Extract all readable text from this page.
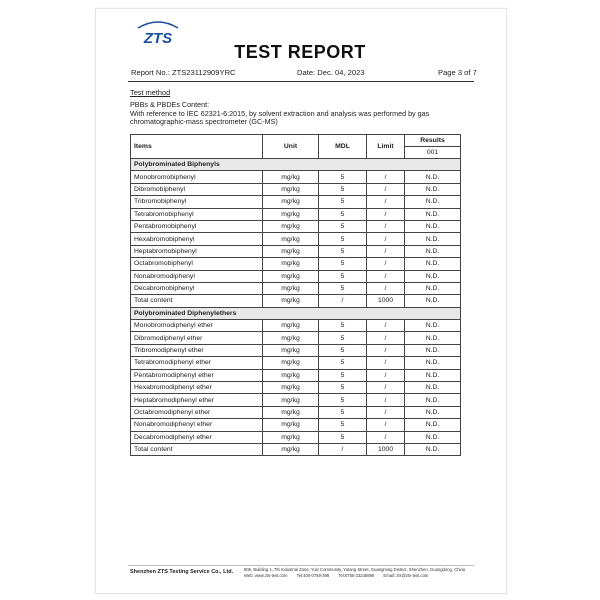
ZTS
TEST REPORT
Report No.: ZTS23112909YRC	Date: Dec. 04, 2023	Page 3 of 7
Test method
PBBs & PBDEs Content:
With reference to IEC 62321-6:2015, by solvent extraction and analysis was performed by gas chromatographic-mass spectrometer (GC-MS)
Items	Unit	MDL	Limit	Results
				001
Polybrominated Biphenyls				
Monobromobiphenyl	mg/kg	5	/	N.D.
Dibromobiphenyl	mg/kg	5	/	N.D.
Tribromobiphenyl	mg/kg	5	/	N.D.
Tetrabromobiphenyl	mg/kg	5	/	N.D.
Pentabromobiphenyl	mg/kg	5	/	N.D.
Hexabromobiphenyl	mg/kg	5	/	N.D.
Heptabromobiphenyl	mg/kg	5	/	N.D.
Octabromobiphenyl	mg/kg	5	/	N.D.
Nonabromodiphenyl	mg/kg	5	/	N.D.
Decabromobiphenyl	mg/kg	5	/	N.D.
Total content	mg/kg	/	1000	N.D.
Polybrominated Diphenylethers				
Monobromodiphenyl ether	mg/kg	5	/	N.D.
Dibromodiphenyl ether	mg/kg	5	/	N.D.
Tribromodiphenyl ether	mg/kg	5	/	N.D.
Tetrabromodiphenyl ether	mg/kg	5	/	N.D.
Pentabromodiphenyl ether	mg/kg	5	/	N.D.
Hexabromodiphenyl ether	mg/kg	5	/	N.D.
Heptabromodiphenyl ether	mg/kg	5	/	N.D.
Octabromodiphenyl ether	mg/kg	5	/	N.D.
Nonabromodiphenyl ether	mg/kg	5	/	N.D.
Decabromodiphenyl ether	mg/kg	5	/	N.D.
Total content	mg/kg	/	1000	N.D.
Shenzhen ZTS Testing Service Co., Ltd.	806, Building 1, 7th Industrial Zone, Yulv Community, Yutang Street, Guangming District, Shenzhen, Guangdong, China
Web: www.zts-test.com Tel:400-0759-398 Tel:0755-23245890 Email: zts@zts-test.com
